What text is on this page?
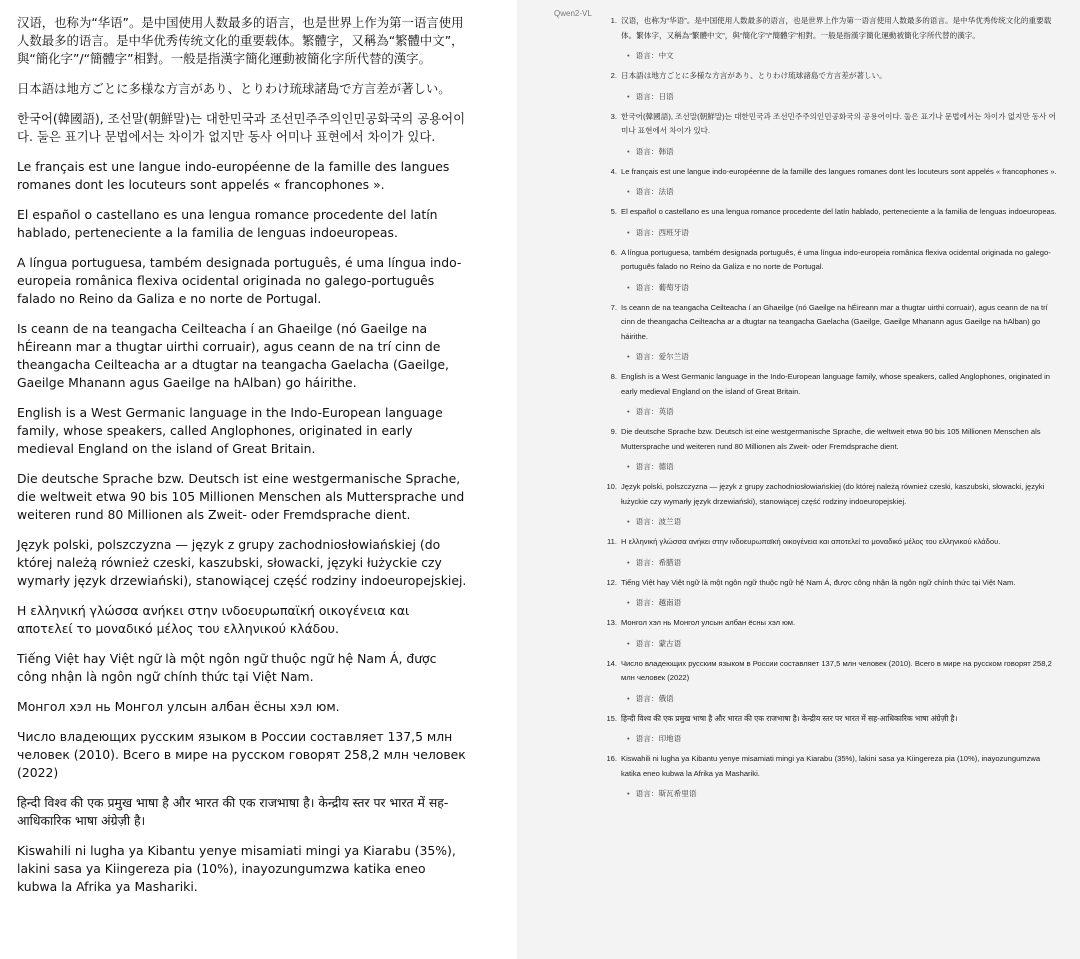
汉语，也称为“华语”。是中国使用人数最多的语言，也是世界上作为第一语言使用人数最多的语言。是中华优秀传统文化的重要载体。繁體字，又稱為“繁體中文”，與“簡化字”/“簡體字”相對。一般是指漢字簡化運動被簡化字所代替的漢字。

日本語は地方ごとに多様な方言があり、とりわけ琉球諸島で方言差が著しい。

한국어(韓國語), 조선말(朝鮮말)는 대한민국과 조선민주주의인민공화국의 공용어이다. 둘은 표기나 문법에서는 차이가 없지만 동사 어미나 표현에서 차이가 있다.

Le français est une langue indo-européenne de la famille des langues romanes dont les locuteurs sont appelés « francophones ».

El español o castellano es una lengua romance procedente del latín hablado, perteneciente a la familia de lenguas indoeuropeas.

A língua portuguesa, também designada português, é uma língua indo-europeia românica flexiva ocidental originada no galego-português falado no Reino da Galiza e no norte de Portugal.

Is ceann de na teangacha Ceilteacha í an Ghaeilge (nó Gaeilge na hÉireann mar a thugtar uirthi corruair), agus ceann de na trí cinn de theangacha Ceilteacha ar a dtugtar na teangacha Gaelacha (Gaeilge, Gaeilge Mhanann agus Gaeilge na hAlban) go háirithe.

English is a West Germanic language in the Indo-European language family, whose speakers, called Anglophones, originated in early medieval England on the island of Great Britain.

Die deutsche Sprache bzw. Deutsch ist eine westgermanische Sprache, die weltweit etwa 90 bis 105 Millionen Menschen als Muttersprache und weiteren rund 80 Millionen als Zweit- oder Fremdsprache dient.

Język polski, polszczyzna — język z grupy zachodniosłowiańskiej (do której należą również czeski, kaszubski, słowacki, języki łużyckie czy wymarły język drzewiański), stanowiącej część rodziny indoeuropejskiej.

Η ελληνική γλώσσα ανήκει στην ινδοευρωπαϊκή οικογένεια και αποτελεί το μοναδικό μέλος του ελληνικού κλάδου.

Tiếng Việt hay Việt ngữ là một ngôn ngữ thuộc ngữ hệ Nam Á, được công nhận là ngôn ngữ chính thức tại Việt Nam.

Монгол хэл нь Монгол улсын албан ёсны хэл юм.

Число владеющих русским языком в России составляет 137,5 млн человек (2010). Всего в мире на русском говорят 258,2 млн человек (2022)

हिन्दी विश्व की एक प्रमुख भाषा है और भारत की एक राजभाषा है। केन्द्रीय स्तर पर भारत में सह-आधिकारिक भाषा अंग्रेज़ी है।

Kiswahili ni lugha ya Kibantu yenye misamiati mingi ya Kiarabu (35%), lakini sasa ya Kiingereza pia (10%), inayozungumzwa katika eneo kubwa la Afrika ya Mashariki.

Qwen2-VL
1. 汉语，也称为“华语”。是中国使用人数最多的语言，也是世界上作为第一语言使用人数最多的语言。是中华优秀传统文化的重要载体。繁体字，又稱為“繁體中文”，與“簡化字”/“簡體字”相對。一般是指漢字簡化運動被簡化字所代替的漢字。
• 语言：中文
2. 日本語は地方ごとに多様な方言があり、とりわけ琉球諸島で方言差が著しい。
• 语言：日语
3. 한국어(韓國語), 조선말(朝鮮말)는 대한민국과 조선민주주의인민공화국의 공용어이다. 둘은 표기나 문법에서는 차이가 없지만 동사 어미나 표현에서 차이가 있다.
• 语言：韩语
4. Le français est une langue indo-européenne de la famille des langues romanes dont les locuteurs sont appelés « francophones ».
• 语言：法语
5. El español o castellano es una lengua romance procedente del latín hablado, perteneciente a la familia de lenguas indoeuropeas.
• 语言：西班牙语
6. A língua portuguesa, também designada português, é uma língua indo-europeia românica flexiva ocidental originada no galego-português falado no Reino da Galiza e no norte de Portugal.
• 语言：葡萄牙语
7. Is ceann de na teangacha Ceilteacha í an Ghaeilge (nó Gaeilge na hÉireann mar a thugtar uirthi corruair), agus ceann de na trí cinn de theangacha Ceilteacha ar a dtugtar na teangacha Gaelacha (Gaeilge, Gaeilge Mhanann agus Gaeilge na hAlban) go háirithe.
• 语言：爱尔兰语
8. English is a West Germanic language in the Indo-European language family, whose speakers, called Anglophones, originated in early medieval England on the island of Great Britain.
• 语言：英语
9. Die deutsche Sprache bzw. Deutsch ist eine westgermanische Sprache, die weltweit etwa 90 bis 105 Millionen Menschen als Muttersprache und weiteren rund 80 Millionen als Zweit- oder Fremdsprache dient.
• 语言：德语
10. Język polski, polszczyzna — język z grupy zachodniosłowiańskiej (do której należą również czeski, kaszubski, słowacki, języki łużyckie czy wymarły język drzewiański), stanowiącej część rodziny indoeuropejskiej.
• 语言：波兰语
11. Η ελληνική γλώσσα ανήκει στην ινδοευρωπαϊκή οικογένεια και αποτελεί το μοναδικό μέλος του ελληνικού κλάδου.
• 语言：希腊语
12. Tiếng Việt hay Việt ngữ là một ngôn ngữ thuộc ngữ hệ Nam Á, được công nhận là ngôn ngữ chính thức tại Việt Nam.
• 语言：越南语
13. Монгол хэл нь Монгол улсын албан ёсны хэл юм.
• 语言：蒙古语
14. Число владеющих русским языком в России составляет 137,5 млн человек (2010). Всего в мире на русском говорят 258,2 млн человек (2022)
• 语言：俄语
15. हिन्दी विश्व की एक प्रमुख भाषा है और भारत की एक राजभाषा है। केन्द्रीय स्तर पर भारत में सह-आधिकारिक भाषा अंग्रेज़ी है।
• 语言：印地语
16. Kiswahili ni lugha ya Kibantu yenye misamiati mingi ya Kiarabu (35%), lakini sasa ya Kiingereza pia (10%), inayozungumzwa katika eneo kubwa la Afrika ya Mashariki.
• 语言：斯瓦希里语
